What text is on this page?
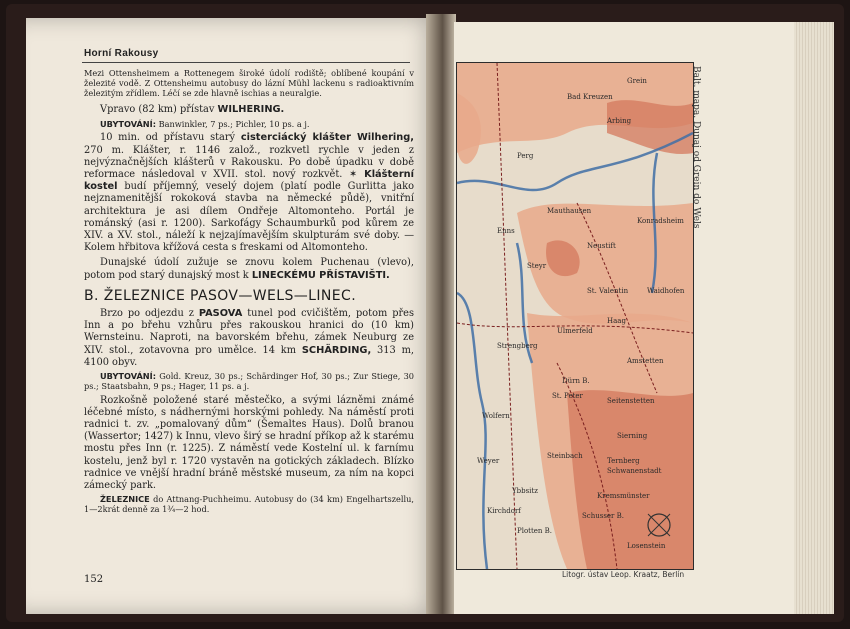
Horní Rakousy

Mezi Ottensheimem a Rottenegem široké údolí rodiště; oblíbené koupání v železité vodě. Z Ottensheimu autobusy do lázní Mühl lackenu s radioaktivním železitým zřídlem. Léčí se zde hlavně ischias a neuralgie.

Vpravo (82 km) přístav WILHERING.

UBYTOVÁNÍ: Banwinkler, 7 ps.; Pichler, 10 ps. a j.

10 min. od přístavu starý cisterciácký klášter Wilhering, 270 m. Klášter, r. 1146 založ., rozkvetl rychle v jeden z nejvýznačnějších klášterů v Rakousku. Po době úpadku v době reformace následoval v XVII. stol. nový rozkvět. ✶ Klášterní kostel budí příjemný, veselý dojem (platí podle Gurlitta jako nejznamenitější rokoková stavba na německé půdě), vnitřní architektura je asi dílem Ondřeje Altomonteho. Portál je románský (asi r. 1200). Sarkofágy Schaumburků pod kůrem ze XIV. a XV. stol., náleží k nejzajímavějším skulpturám své doby. — Kolem hřbitova křížová cesta s freskami od Altomonteho.

Dunajské údolí zužuje se znovu kolem Puchenau (vlevo), potom pod starý dunajský most k LINECKÉMU PŘÍSTAVIŠTI.

B. ŽELEZNICE PASOV—WELS—LINEC.

Brzo po odjezdu z PASOVA tunel pod cvičištěm, potom přes Inn a po břehu vzhůru přes rakouskou hranici do (10 km) Wernsteinu. Naproti, na bavorském břehu, zámek Neuburg ze XIV. stol., zotavovna pro umělce. 14 km SCHÄRDING, 313 m, 4100 obyv.

UBYTOVÁNÍ: Gold. Kreuz, 30 ps.; Schärdinger Hof, 30 ps.; Zur Stiege, 30 ps.; Staatsbahn, 9 ps.; Hager, 11 ps. a j.

Rozkošně položené staré městečko, a svými lázněmi známé léčebné místo, s nádhernými horskými pohledy. Na náměstí proti radnici t. zv. „pomalovaný dům“ (Šemaltes Haus). Dolů branou (Wassertor; 1427) k Innu, vlevo širý se hradní příkop až k starému mostu přes Inn (r. 1225). Z náměstí vede Kostelní ul. k farnímu kostelu, jenž byl r. 1720 vystavěn na gotických základech. Blízko radnice ve vnější hradní bráně městské museum, za ním na kopci zámecký park.

ŽELEZNICE do Attnang-Puchheimu. Autobusy do (34 km) Engelhartszellu, 1—2krát denně za 1¾—2 hod.

152
Grein
Bad Kreuzen
Arbing
Perg
Mauthausen
Enns
Steyr
St. Valentin
Haag
Strengberg
Amstetten
St. Peter
Seitenstetten
Wolfern
Sierning
Weyer
Schwanenstadt
Kremsmünster
Ybbsitz
Plotten B.
Schusser B.
Losenstein
Kirchdorf
Steinbach
Ternberg
Dürn B.
Konradsheim
Waidhofen
Ulmerfeld
Neustift
Balt. mapa. Dunaj od Grein do Wels
Litogr. ústav Leop. Kraatz, Berlín
